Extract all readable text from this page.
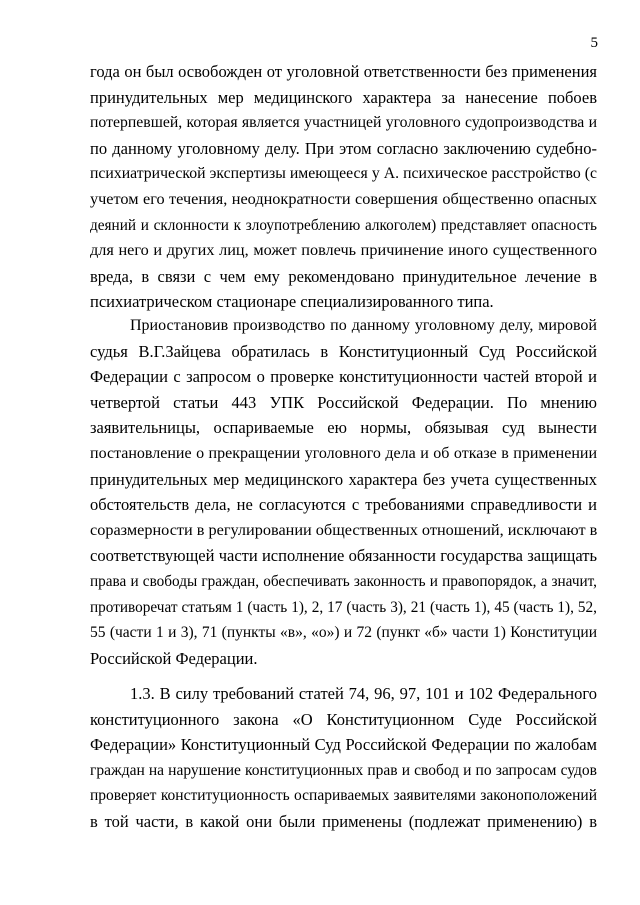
5
года он был освобожден от уголовной ответственности без применения
принудительных мер медицинского характера за нанесение побоев
потерпевшей, которая является участницей уголовного судопроизводства и
по данному уголовному делу. При этом согласно заключению судебно-
психиатрической экспертизы имеющееся у А. психическое расстройство (с
учетом его течения, неоднократности совершения общественно опасных
деяний и склонности к злоупотреблению алкоголем) представляет опасность
для него и других лиц, может повлечь причинение иного существенного
вреда, в связи с чем ему рекомендовано принудительное лечение в
психиатрическом стационаре специализированного типа.
Приостановив производство по данному уголовному делу, мировой
судья В.Г.Зайцева обратилась в Конституционный Суд Российской
Федерации с запросом о проверке конституционности частей второй и
четвертой статьи 443 УПК Российской Федерации. По мнению
заявительницы, оспариваемые ею нормы, обязывая суд вынести
постановление о прекращении уголовного дела и об отказе в применении
принудительных мер медицинского характера без учета существенных
обстоятельств дела, не согласуются с требованиями справедливости и
соразмерности в регулировании общественных отношений, исключают в
соответствующей части исполнение обязанности государства защищать
права и свободы граждан, обеспечивать законность и правопорядок, а значит,
противоречат статьям 1 (часть 1), 2, 17 (часть 3), 21 (часть 1), 45 (часть 1), 52,
55 (части 1 и 3), 71 (пункты «в», «о») и 72 (пункт «б» части 1) Конституции
Российской Федерации.
1.3. В силу требований статей 74, 96, 97, 101 и 102 Федерального
конституционного закона «О Конституционном Суде Российской
Федерации» Конституционный Суд Российской Федерации по жалобам
граждан на нарушение конституционных прав и свобод и по запросам судов
проверяет конституционность оспариваемых заявителями законоположений
в той части, в какой они были применены (подлежат применению) в
